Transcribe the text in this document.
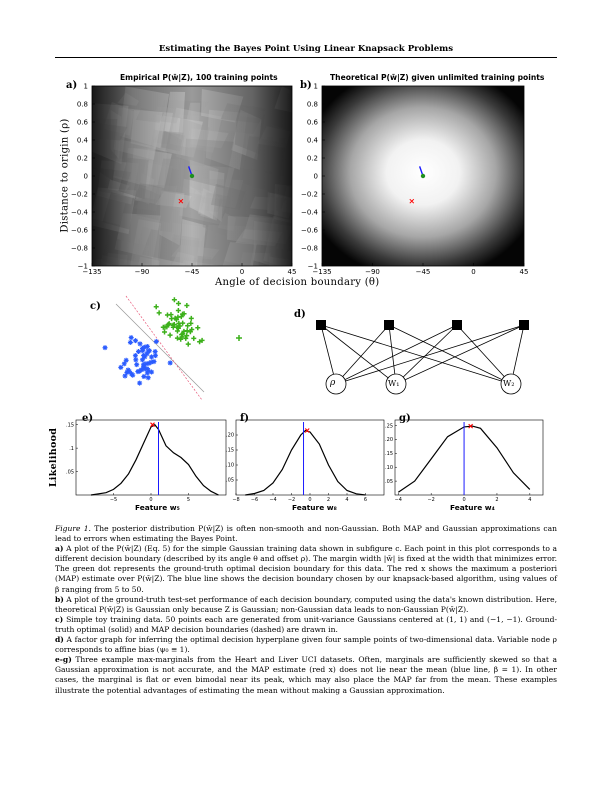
Estimating the Bayes Point Using Linear Knapsack Problems
a)
Empirical P(w̄|Z), 100 training points
b)
Theoretical P(w̄|Z) given unlimited training points
1
0.8
0.6
0.4
0.2
0
−0.2
−0.4
−0.6
−0.8
−1
−135	−90	−45	0	45
1
0.8
0.6
0.4
0.2
0
−0.2
−0.4
−0.6
−0.8
−1
−135	−90	−45	0	45
.15
.1
.05
−5	0	5
.20
.15
.10
.05
−8 −6 −4 −2	0	2	4	6
.25
.20
.15
.10
.05
−4	−2	0	2	4
c)
d)
ρ	W₁	W₂
Angle of decision boundary (θ)
Distance to origin (ρ)
e)	f)	g)
Likelihood
Feature w₅	Feature w₈	Feature w₄

Figure 1. The posterior distribution P(w̄|Z) is often non-smooth and non-Gaussian. Both MAP and Gaussian approximations can lead to errors when estimating the Bayes Point.

a) A plot of the P(w̄|Z) (Eq. 5) for the simple Gaussian training data shown in subfigure c. Each point in this plot corresponds to a different decision boundary (described by its angle θ and offset ρ). The margin width |w̄| is fixed at the width that minimizes error. The green dot represents the ground-truth optimal decision boundary for this data. The red x shows the maximum a posteriori (MAP) estimate over P(w̄|Z). The blue line shows the decision boundary chosen by our knapsack-based algorithm, using values of β ranging from 5 to 50.

b) A plot of the ground-truth test-set performance of each decision boundary, computed using the data's known distribution. Here, theoretical P(w̄|Z) is Gaussian only because Z is Gaussian; non-Gaussian data leads to non-Gaussian P(w̄|Z).

c) Simple toy training data. 50 points each are generated from unit-variance Gaussians centered at (1, 1) and (−1, −1). Ground-truth optimal (solid) and MAP decision boundaries (dashed) are drawn in.

d) A factor graph for inferring the optimal decision hyperplane given four sample points of two-dimensional data. Variable node ρ corresponds to affine bias (ψ₀ ≡ 1).

e-g) Three example max-marginals from the Heart and Liver UCI datasets. Often, marginals are sufficiently skewed so that a Gaussian approximation is not accurate, and the MAP estimate (red x) does not lie near the mean (blue line, β = 1). In other cases, the marginal is flat or even bimodal near its peak, which may also place the MAP far from the mean. These examples illustrate the potential advantages of estimating the mean without making a Gaussian approximation.
